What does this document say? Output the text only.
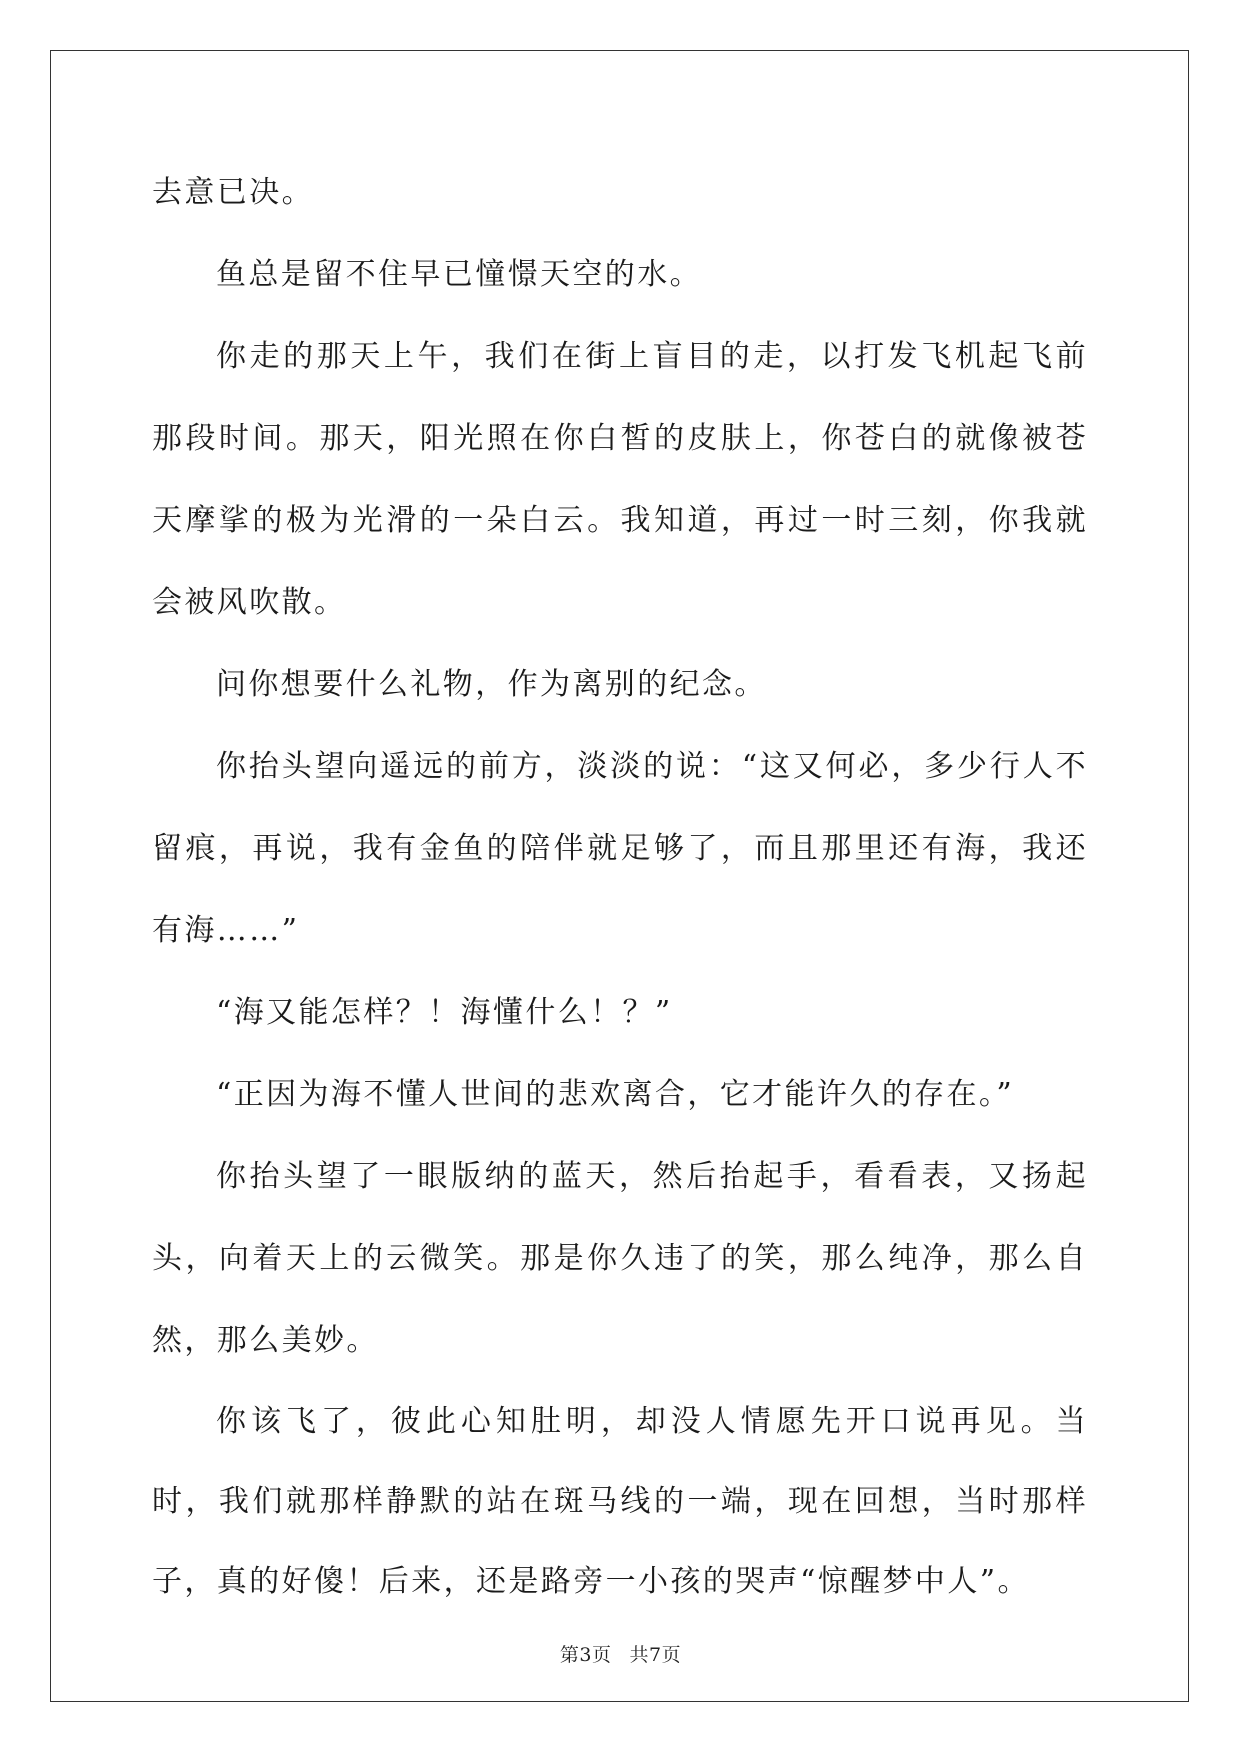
去意已决。

鱼总是留不住早已憧憬天空的水。

你走的那天上午，我们在街上盲目的走，以打发飞机起飞前那段时间。那天，阳光照在你白皙的皮肤上，你苍白的就像被苍天摩挲的极为光滑的一朵白云。我知道，再过一时三刻，你我就会被风吹散。

问你想要什么礼物，作为离别的纪念。

你抬头望向遥远的前方，淡淡的说：“这又何必，多少行人不留痕，再说，我有金鱼的陪伴就足够了，而且那里还有海，我还有海……”

“海又能怎样？！海懂什么！？”

“正因为海不懂人世间的悲欢离合，它才能许久的存在。”

你抬头望了一眼版纳的蓝天，然后抬起手，看看表，又扬起头，向着天上的云微笑。那是你久违了的笑，那么纯净，那么自然，那么美妙。

你该飞了，彼此心知肚明，却没人情愿先开口说再见。当时，我们就那样静默的站在斑马线的一端，现在回想，当时那样子，真的好傻！后来，还是路旁一小孩的哭声“惊醒梦中人”。

第3页 共7页
